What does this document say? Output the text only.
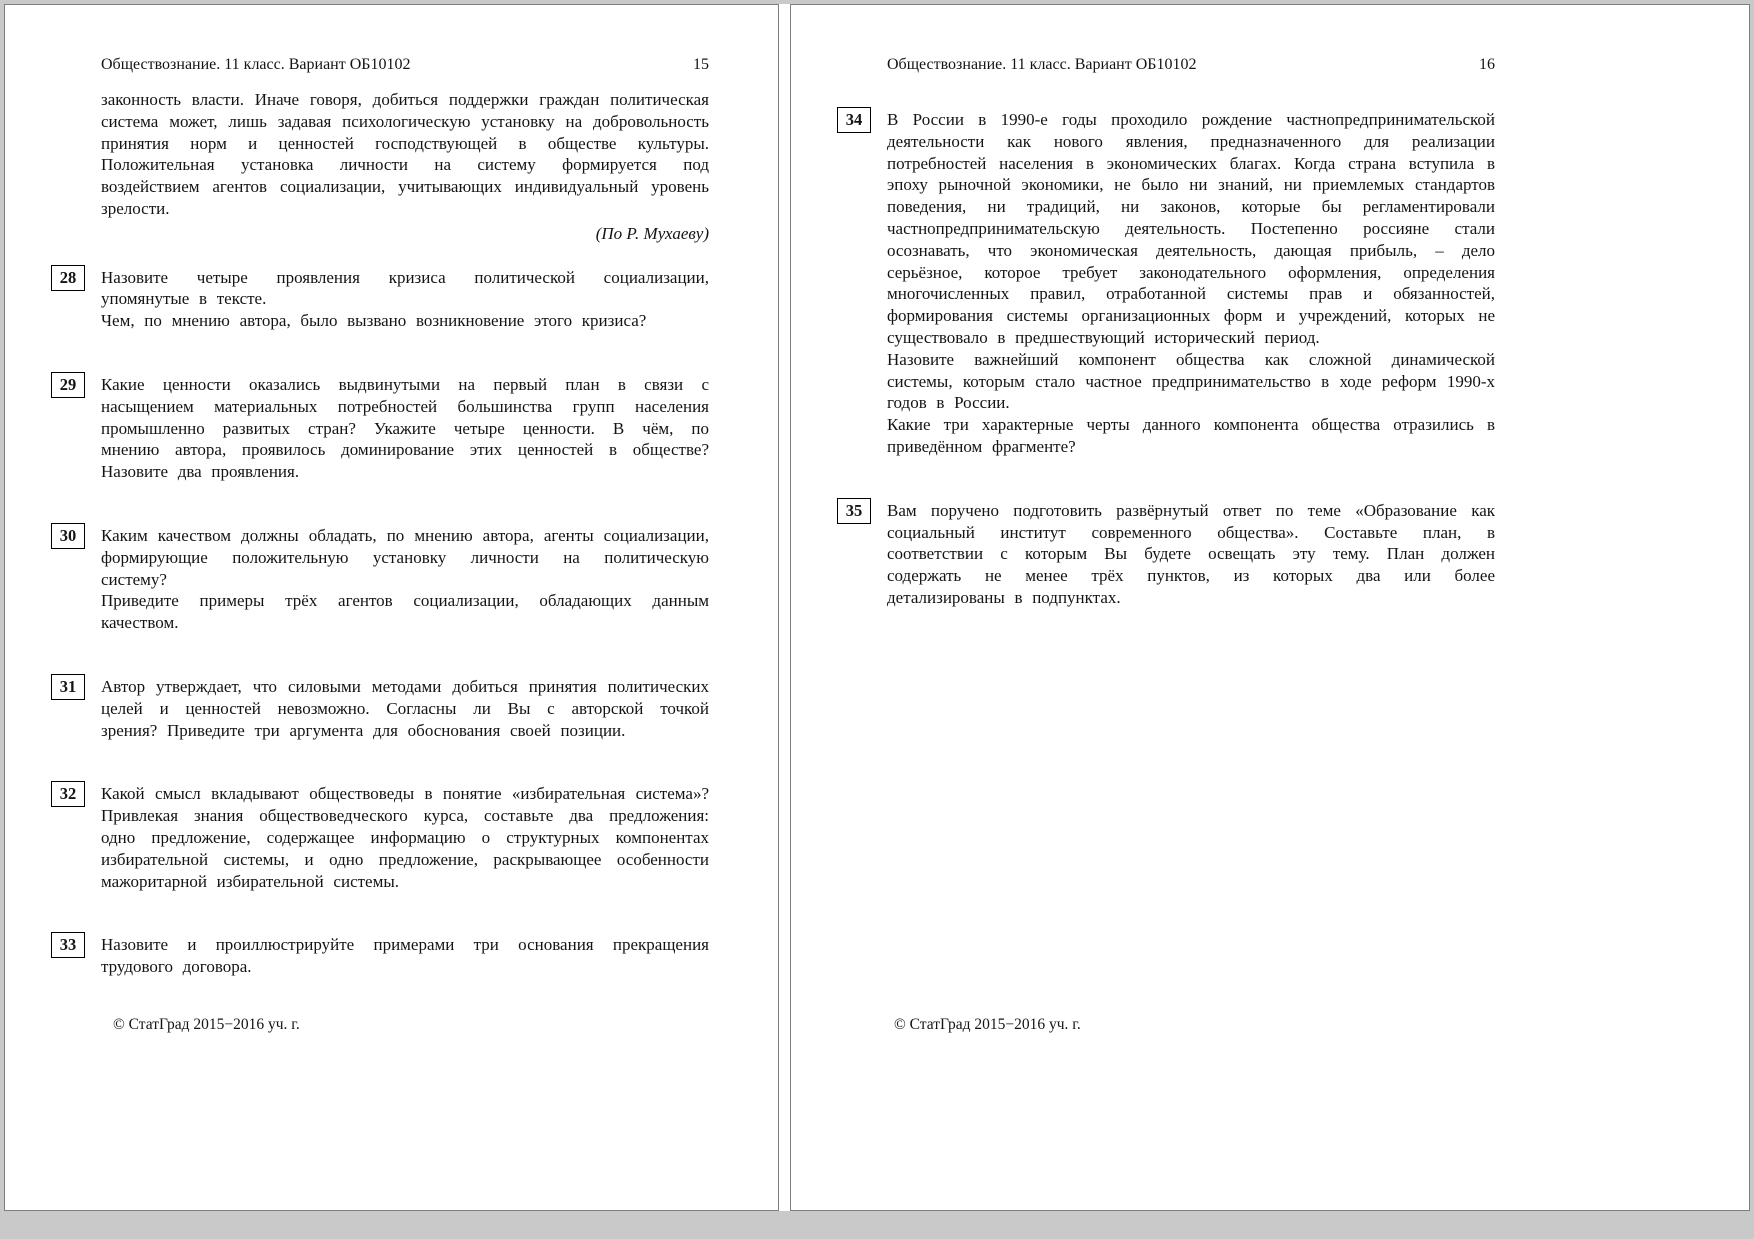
Обществознание. 11 класс. Вариант ОБ10102	15

законность власти. Иначе говоря, добиться поддержки граждан политическая система может, лишь задавая психологическую установку на добровольность принятия норм и ценностей господствующей в обществе культуры. Положительная установка личности на систему формируется под воздействием агентов социализации, учитывающих индивидуальный уровень зрелости.

(По Р. Мухаеву)
28	Назовите четыре проявления кризиса политической социализации, упомянутые в тексте.

Чем, по мнению автора, было вызвано возникновение этого кризиса?

29	Какие ценности оказались выдвинутыми на первый план в связи с насыщением материальных потребностей большинства групп населения промышленно развитых стран? Укажите четыре ценности. В чём, по мнению автора, проявилось доминирование этих ценностей в обществе? Назовите два проявления.

30	Каким качеством должны обладать, по мнению автора, агенты социализации, формирующие положительную установку личности на политическую систему?

Приведите примеры трёх агентов социализации, обладающих данным качеством.

31	Автор утверждает, что силовыми методами добиться принятия политических целей и ценностей невозможно. Согласны ли Вы с авторской точкой зрения? Приведите три аргумента для обоснования своей позиции.

32	Какой смысл вкладывают обществоведы в понятие «избирательная система»? Привлекая знания обществоведческого курса, составьте два предложения: одно предложение, содержащее информацию о структурных компонентах избирательной системы, и одно предложение, раскрывающее особенности мажоритарной избирательной системы.

33	Назовите и проиллюстрируйте примерами три основания прекращения трудового договора.

© СтатГрад 2015−2016 уч. г.
Обществознание. 11 класс. Вариант ОБ10102	16
34	В России в 1990-е годы проходило рождение частнопредпринимательской деятельности как нового явления, предназначенного для реализации потребностей населения в экономических благах. Когда страна вступила в эпоху рыночной экономики, не было ни знаний, ни приемлемых стандартов поведения, ни традиций, ни законов, которые бы регламентировали частнопредпринимательскую деятельность. Постепенно россияне стали осознавать, что экономическая деятельность, дающая прибыль, – дело серьёзное, которое требует законодательного оформления, определения многочисленных правил, отработанной системы прав и обязанностей, формирования системы организационных форм и учреждений, которых не существовало в предшествующий исторический период.

Назовите важнейший компонент общества как сложной динамической системы, которым стало частное предпринимательство в ходе реформ 1990-х годов в России.

Какие три характерные черты данного компонента общества отразились в приведённом фрагменте?

35	Вам поручено подготовить развёрнутый ответ по теме «Образование как социальный институт современного общества». Составьте план, в соответствии с которым Вы будете освещать эту тему. План должен содержать не менее трёх пунктов, из которых два или более детализированы в подпунктах.

© СтатГрад 2015−2016 уч. г.
